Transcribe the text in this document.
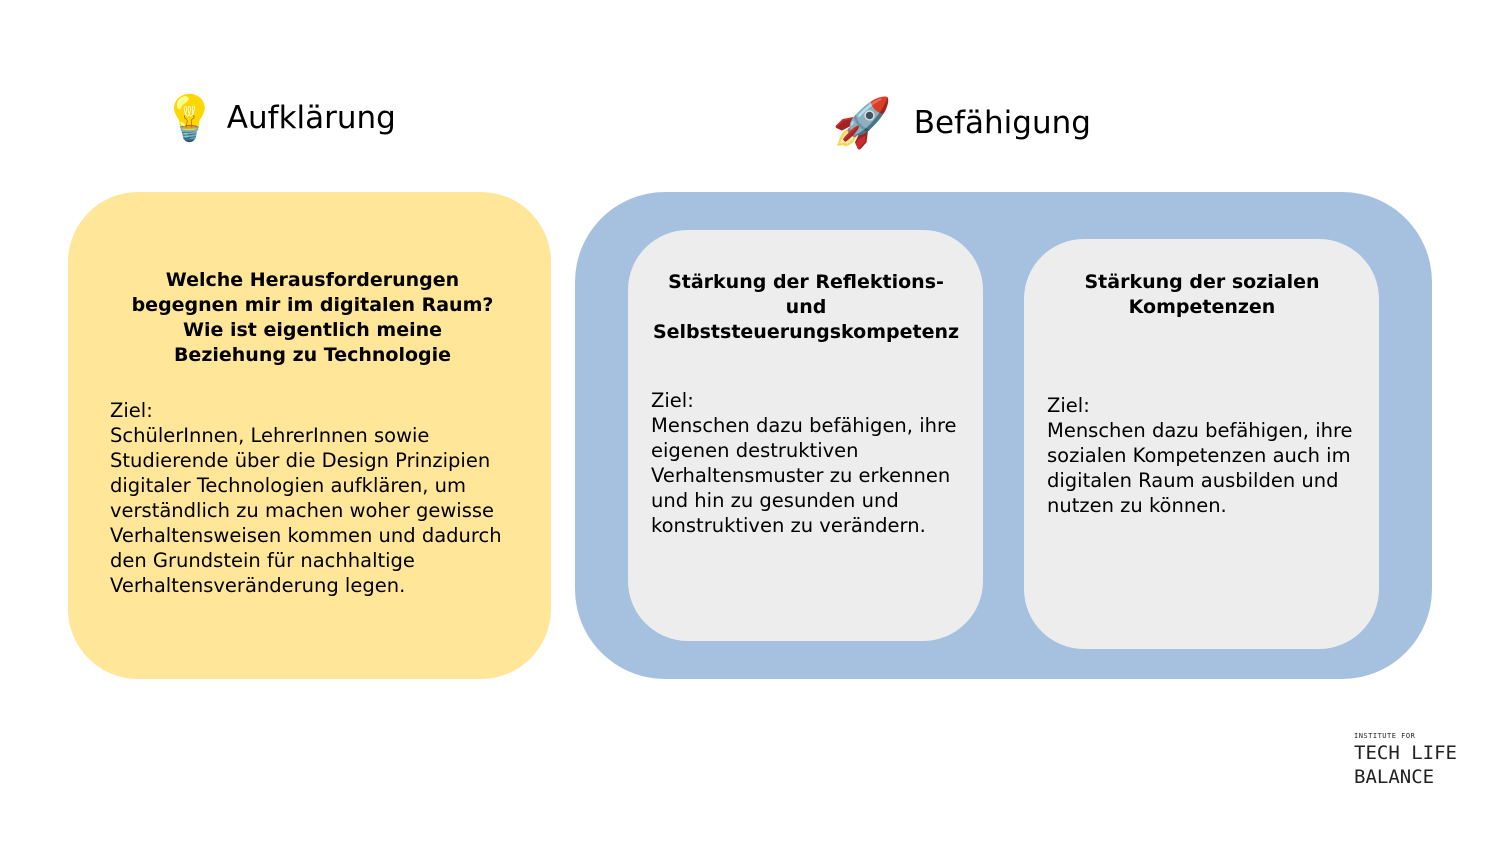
💡 Aufklärung	🚀 Befähigung
Welche Herausforderungen begegnen mir im digitalen Raum? Wie ist eigentlich meine Beziehung zu Technologie
Ziel:
SchülerInnen, LehrerInnen sowie Studierende über die Design Prinzipien digitaler Technologien aufklären, um verständlich zu machen woher gewisse Verhaltensweisen kommen und dadurch den Grundstein für nachhaltige Verhaltensveränderung legen.
Stärkung der Reflektions- und Selbststeuerungskompetenz
Ziel:
Menschen dazu befähigen, ihre eigenen destruktiven Verhaltensmuster zu erkennen und hin zu gesunden und konstruktiven zu verändern.
Stärkung der sozialen Kompetenzen
Ziel:
Menschen dazu befähigen, ihre sozialen Kompetenzen auch im digitalen Raum ausbilden und nutzen zu können.
INSTITUTE FOR
TECH LIFE
BALANCE
